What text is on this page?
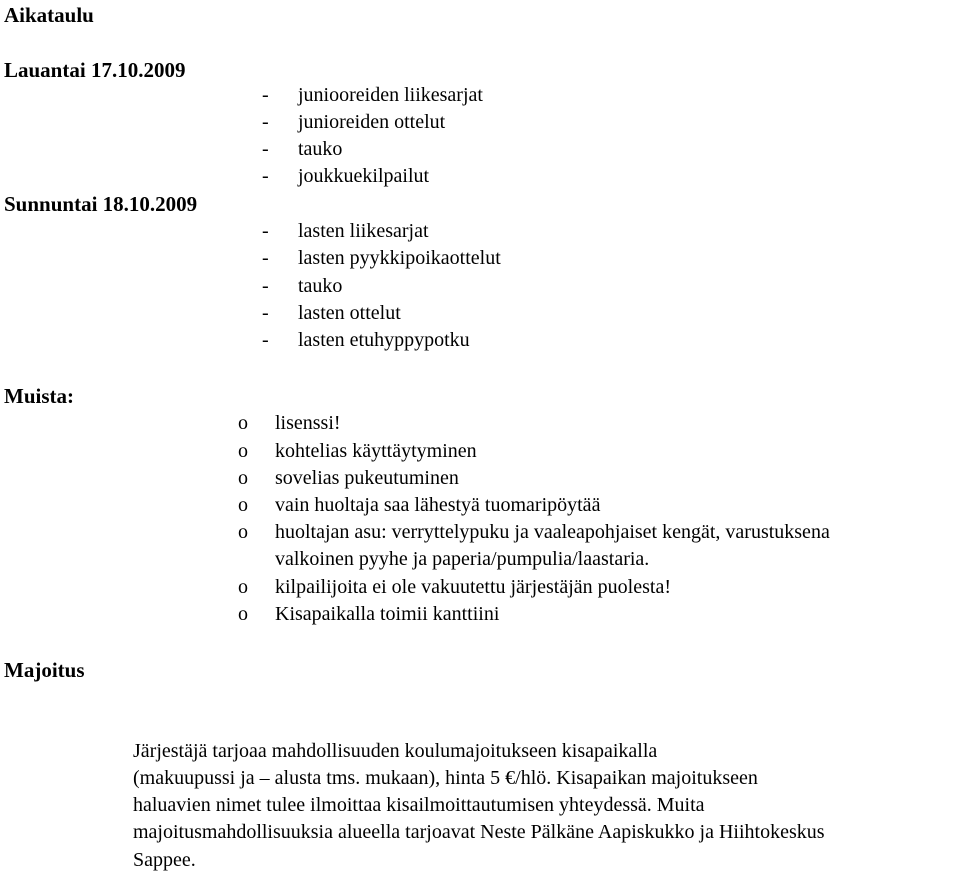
Aikataulu
Lauantai 17.10.2009
- juniooreiden liikesarjat
- junioreiden ottelut
- tauko
- joukkuekilpailut
Sunnuntai 18.10.2009
- lasten liikesarjat
- lasten pyykkipoikaottelut
- tauko
- lasten ottelut
- lasten etuhyppypotku
Muista:
o lisenssi!
o kohtelias käyttäytyminen
o sovelias pukeutuminen
o vain huoltaja saa lähestyä tuomaripöytää
o huoltajan asu: verryttelypuku ja vaaleapohjaiset kengät, varustuksena
valkoinen pyyhe ja paperia/pumpulia/laastaria.
o kilpailijoita ei ole vakuutettu järjestäjän puolesta!
o Kisapaikalla toimii kanttiini
Majoitus
Järjestäjä tarjoaa mahdollisuuden koulumajoitukseen kisapaikalla
(makuupussi ja – alusta tms. mukaan), hinta 5 €/hlö. Kisapaikan majoitukseen
haluavien nimet tulee ilmoittaa kisailmoittautumisen yhteydessä. Muita
majoitusmahdollisuuksia alueella tarjoavat Neste Pälkäne Aapiskukko ja Hiihtokeskus
Sappee.
